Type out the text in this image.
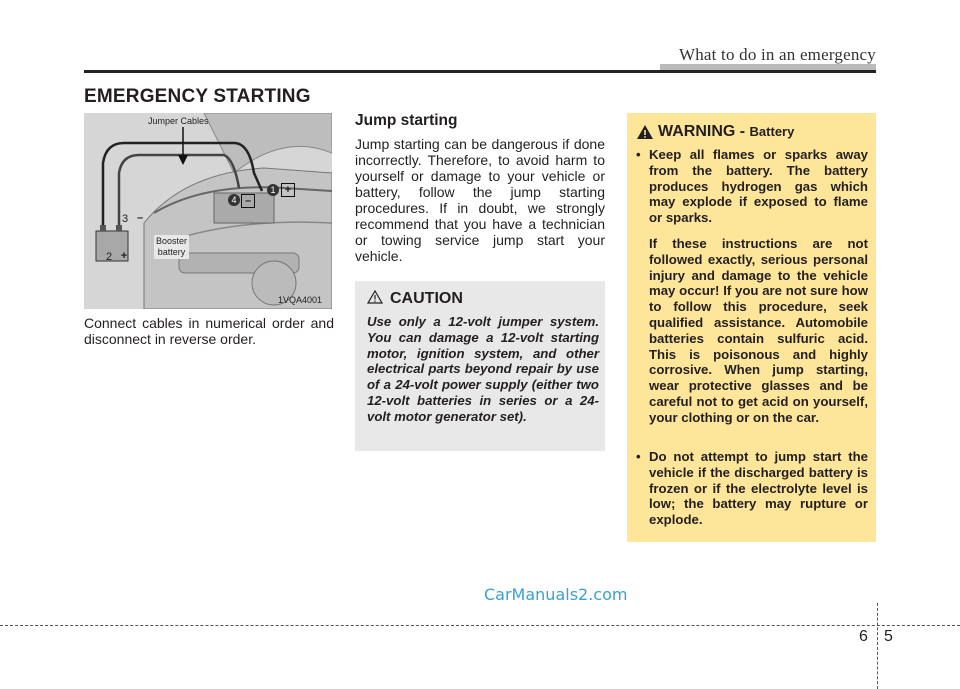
What to do in an emergency
EMERGENCY STARTING
Jumper Cables
Booster
battery
1 +
4 –
3 –
2 +
1VQA4001
Connect cables in numerical order and disconnect in reverse order.
Jump starting
Jump starting can be dangerous if done incorrectly. Therefore, to avoid harm to yourself or damage to your vehicle or battery, follow the jump starting procedures. If in doubt, we strongly recommend that you have a technician or towing service jump start your vehicle.
CAUTION
Use only a 12-volt jumper system. You can damage a 12-volt starting motor, ignition system, and other electrical parts beyond repair by use of a 24-volt power supply (either two 12-volt batteries in series or a 24-volt motor generator set).
WARNING - Battery
• Keep all flames or sparks away from the battery. The battery produces hydrogen gas which may explode if exposed to flame or sparks.
If these instructions are not followed exactly, serious personal injury and damage to the vehicle may occur! If you are not sure how to follow this procedure, seek qualified assistance. Automobile batteries contain sulfuric acid. This is poisonous and highly corrosive. When jump starting, wear protective glasses and be careful not to get acid on yourself, your clothing or on the car.
• Do not attempt to jump start the vehicle if the discharged battery is frozen or if the electrolyte level is low; the battery may rupture or explode.
CarManuals2.com
6 5
